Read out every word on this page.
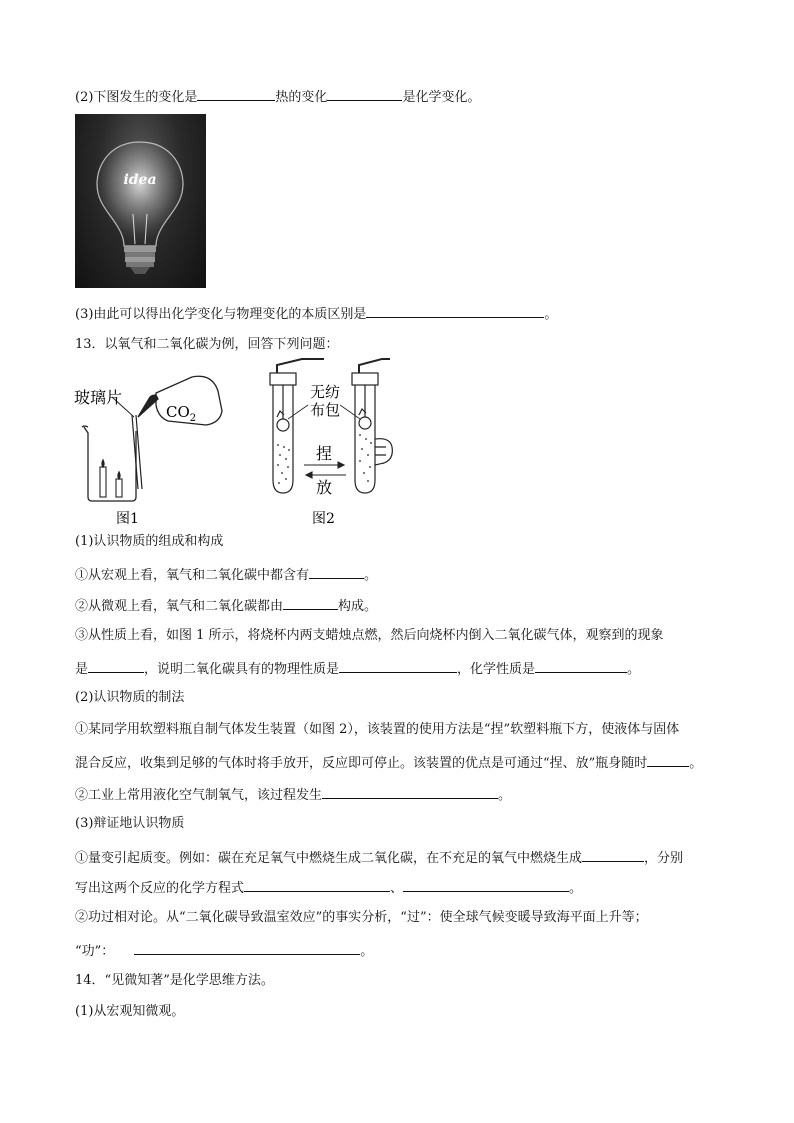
(2)下图发生的变化是	热的变化	是化学变化。
idea
(3)由此可以得出化学变化与物理变化的本质区别是	。
13．以氧气和二氧化碳为例，回答下列问题：
玻璃片
$CO_2$
图1
捏
放
无纺
布包
图2
(1)认识物质的组成和构成
①从宏观上看，氧气和二氧化碳中都含有	。
②从微观上看，氧气和二氧化碳都由	构成。
③从性质上看，如图 1 所示，将烧杯内两支蜡烛点燃，然后向烧杯内倒入二氧化碳气体，观察到的现象
是	，说明二氧化碳具有的物理性质是	，化学性质是	。
(2)认识物质的制法
①某同学用软塑料瓶自制气体发生装置（如图 2），该装置的使用方法是“捏”软塑料瓶下方，使液体与固体
混合反应，收集到足够的气体时将手放开，反应即可停止。该装置的优点是可通过“捏、放”瓶身随时	。
②工业上常用液化空气制氧气，该过程发生	。
(3)辩证地认识物质
①量变引起质变。例如：碳在充足氧气中燃烧生成二氧化碳，在不充足的氧气中燃烧生成	，分别
写出这两个反应的化学方程式	、	。
②功过相对论。从“二氧化碳导致温室效应”的事实分析，“过”：使全球气候变暖导致海平面上升等；
“功”：	。
14．“见微知著”是化学思维方法。
(1)从宏观知微观。
